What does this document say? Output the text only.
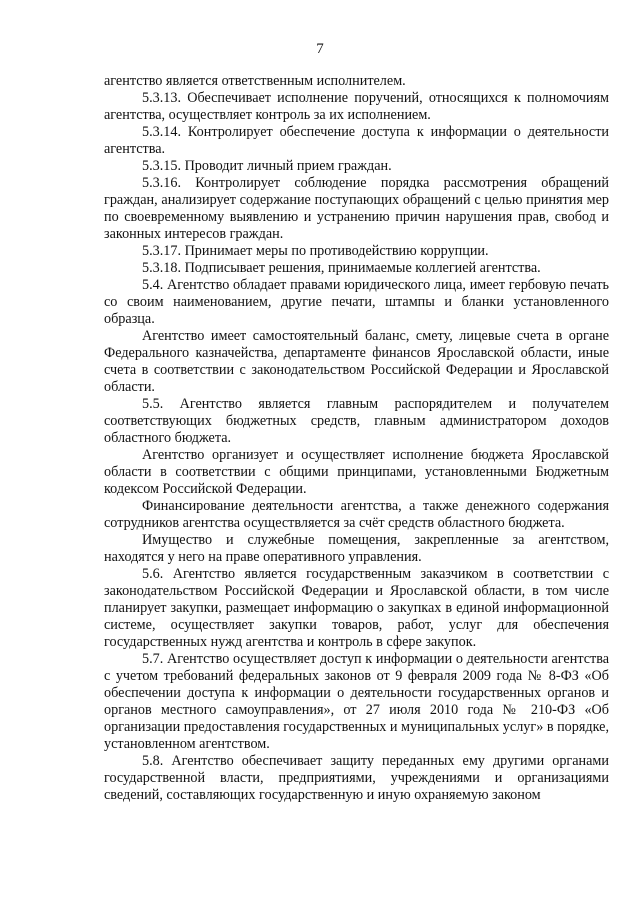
7

агентство является ответственным исполнителем.

5.3.13. Обеспечивает исполнение поручений, относящихся к полномочиям агентства, осуществляет контроль за их исполнением.

5.3.14. Контролирует обеспечение доступа к информации о деятельности агентства.

5.3.15. Проводит личный прием граждан.

5.3.16. Контролирует соблюдение порядка рассмотрения обращений граждан, анализирует содержание поступающих обращений с целью принятия мер по своевременному выявлению и устранению причин нарушения прав, свобод и законных интересов граждан.

5.3.17. Принимает меры по противодействию коррупции.

5.3.18. Подписывает решения, принимаемые коллегией агентства.

5.4. Агентство обладает правами юридического лица, имеет гербовую печать со своим наименованием, другие печати, штампы и бланки установленного образца.

Агентство имеет самостоятельный баланс, смету, лицевые счета в органе Федерального казначейства, департаменте финансов Ярославской области, иные счета в соответствии с законодательством Российской Федерации и Ярославской области.

5.5. Агентство является главным распорядителем и получателем соответствующих бюджетных средств, главным администратором доходов областного бюджета.

Агентство организует и осуществляет исполнение бюджета Ярославской области в соответствии с общими принципами, установленными Бюджетным кодексом Российской Федерации.

Финансирование деятельности агентства, а также денежного содержания сотрудников агентства осуществляется за счёт средств областного бюджета.

Имущество и служебные помещения, закрепленные за агентством, находятся у него на праве оперативного управления.

5.6. Агентство является государственным заказчиком в соответствии с законодательством Российской Федерации и Ярославской области, в том числе планирует закупки, размещает информацию о закупках в единой информационной системе, осуществляет закупки товаров, работ, услуг для обеспечения государственных нужд агентства и контроль в сфере закупок.

5.7. Агентство осуществляет доступ к информации о деятельности агентства с учетом требований федеральных законов от 9 февраля 2009 года № 8-ФЗ «Об обеспечении доступа к информации о деятельности государственных органов и органов местного самоуправления», от 27 июля 2010 года № 210-ФЗ «Об организации предоставления государственных и муниципальных услуг» в порядке, установленном агентством.

5.8. Агентство обеспечивает защиту переданных ему другими органами государственной власти, предприятиями, учреждениями и организациями сведений, составляющих государственную и иную охраняемую законом
